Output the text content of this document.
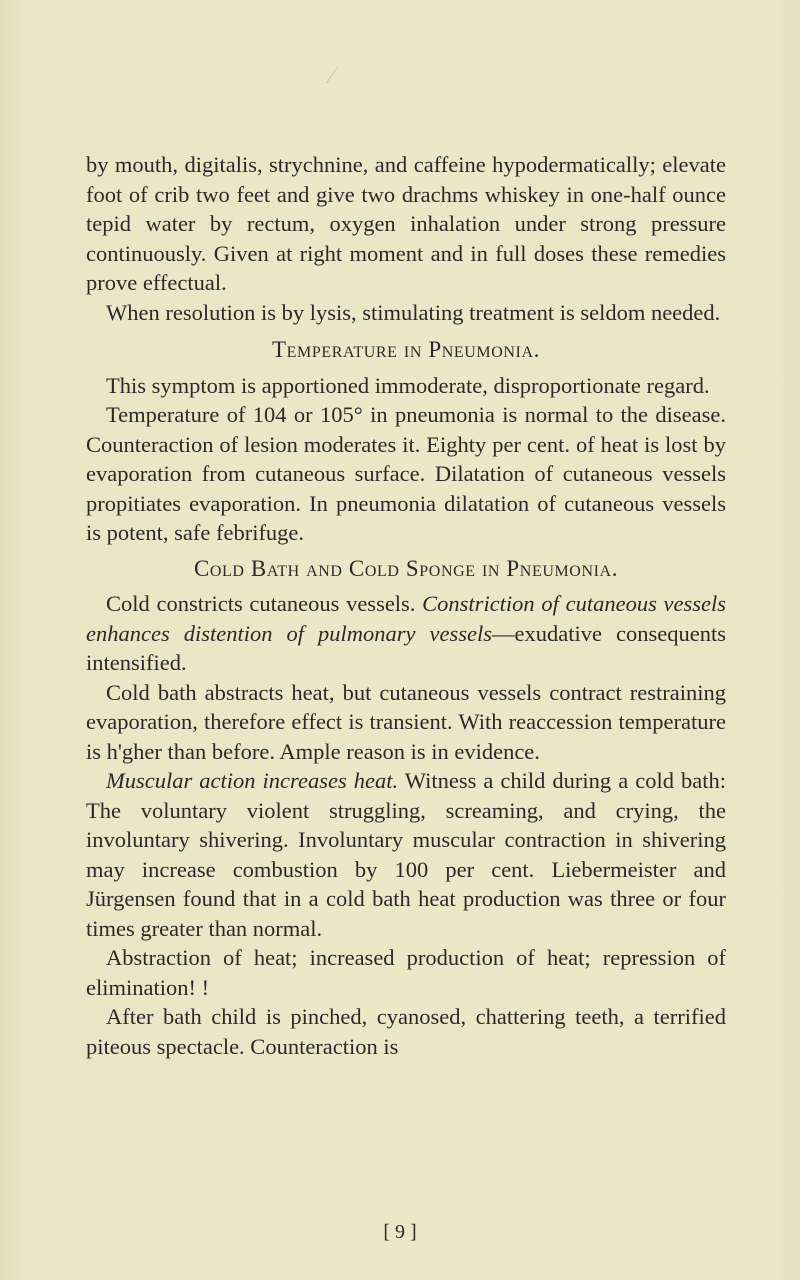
by mouth, digitalis, strychnine, and caffeine hypodermatically; elevate foot of crib two feet and give two drachms whiskey in one-half ounce tepid water by rectum, oxygen inhalation under strong pressure continuously. Given at right moment and in full doses these remedies prove effectual.

When resolution is by lysis, stimulating treatment is seldom needed.

Temperature in Pneumonia.

This symptom is apportioned immoderate, disproportionate regard.

Temperature of 104 or 105° in pneumonia is normal to the disease. Counteraction of lesion moderates it. Eighty per cent. of heat is lost by evaporation from cutaneous surface. Dilatation of cutaneous vessels propitiates evaporation. In pneumonia dilatation of cutaneous vessels is potent, safe febrifuge.

Cold Bath and Cold Sponge in Pneumonia.

Cold constricts cutaneous vessels. Constriction of cutaneous vessels enhances distention of pulmonary vessels—exudative consequents intensified.

Cold bath abstracts heat, but cutaneous vessels contract restraining evaporation, therefore effect is transient. With reaccession temperature is h'gher than before. Ample reason is in evidence.

Muscular action increases heat. Witness a child during a cold bath: The voluntary violent struggling, screaming, and crying, the involuntary shivering. Involuntary muscular contraction in shivering may increase combustion by 100 per cent. Liebermeister and Jürgensen found that in a cold bath heat production was three or four times greater than normal.

Abstraction of heat; increased production of heat; repression of elimination! !

After bath child is pinched, cyanosed, chattering teeth, a terrified piteous spectacle. Counteraction is

[ 9 ]
